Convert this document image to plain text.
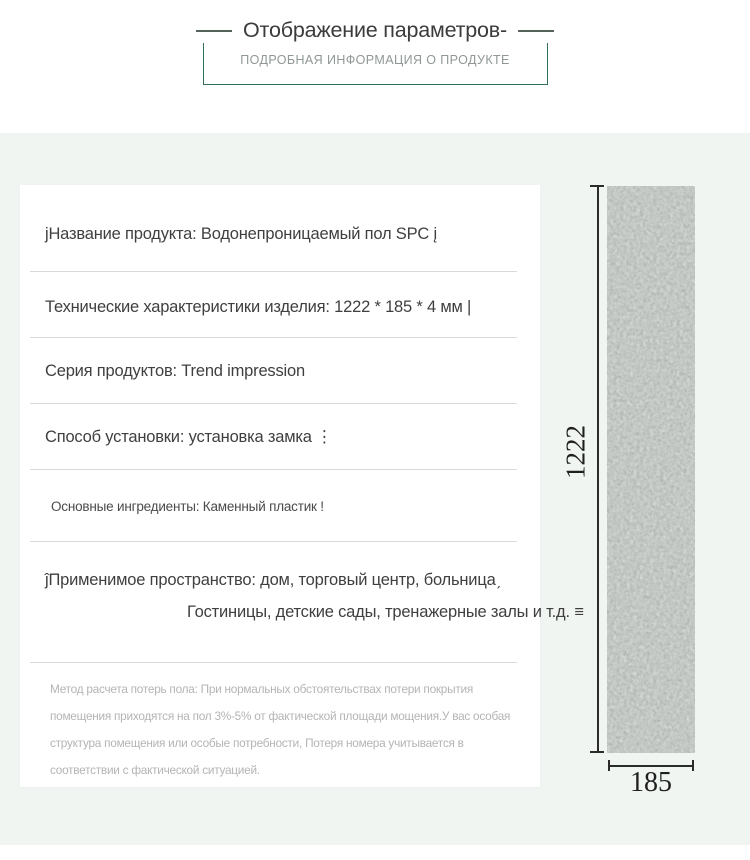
Отображение параметров-
ПОДРОБНАЯ ИНФОРМАЦИЯ О ПРОДУКТЕ
jНазвание продукта: Водонепроницаемый пол SPC į
Технические характеристики изделия: 1222 * 185 * 4 мм |
Серия продуктов: Trend impression
Способ установки: установка замка ⋮
Основные ингредиенты: Каменный пластик !
ĵПрименимое пространство: дом, торговый центр, больницаˏ
Гостиницы, детские сады, тренажерные залы и т.д. ≡
Метод расчета потерь пола: При нормальных обстоятельствах потери покрытия помещения приходятся на пол 3%-5% от фактической площади мощения.У вас особая структура помещения или особые потребности, Потеря номера учитывается в соответствии с фактической ситуацией.
1222
185
